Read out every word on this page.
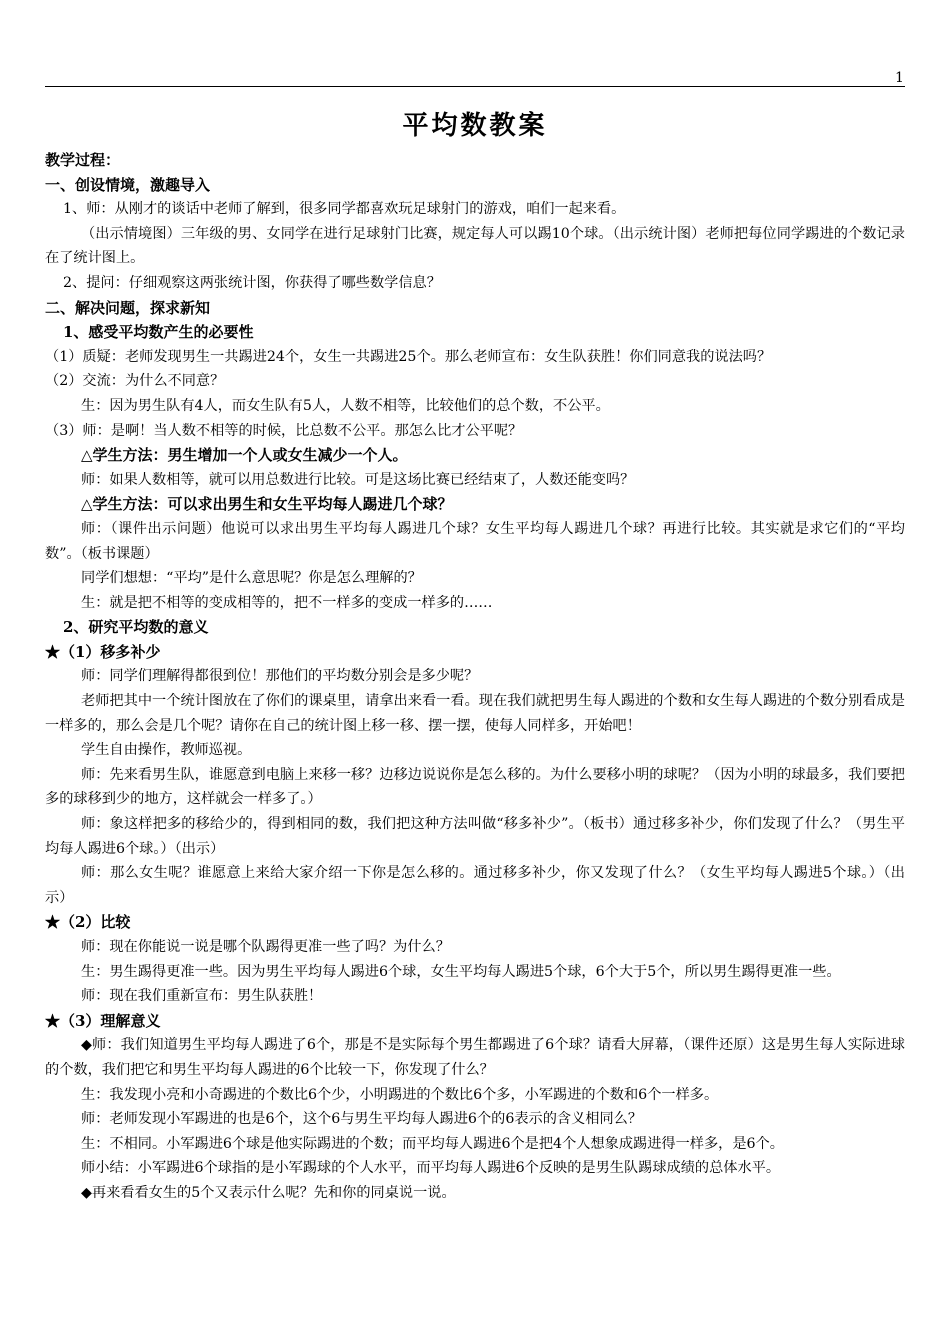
1
平均数教案

教学过程：

一、创设情境，激趣导入

1、师：从刚才的谈话中老师了解到，很多同学都喜欢玩足球射门的游戏，咱们一起来看。

（出示情境图）三年级的男、女同学在进行足球射门比赛，规定每人可以踢10个球。（出示统计图）老师把每位同学踢进的个数记录在了统计图上。

2、提问：仔细观察这两张统计图，你获得了哪些数学信息？

二、解决问题，探求新知

1、感受平均数产生的必要性

（1）质疑：老师发现男生一共踢进24个，女生一共踢进25个。那么老师宣布：女生队获胜！你们同意我的说法吗？

（2）交流：为什么不同意？

生：因为男生队有4人，而女生队有5人，人数不相等，比较他们的总个数，不公平。

（3）师：是啊！当人数不相等的时候，比总数不公平。那怎么比才公平呢？

△学生方法：男生增加一个人或女生减少一个人。

师：如果人数相等，就可以用总数进行比较。可是这场比赛已经结束了，人数还能变吗？

△学生方法：可以求出男生和女生平均每人踢进几个球？

师：（课件出示问题）他说可以求出男生平均每人踢进几个球？女生平均每人踢进几个球？再进行比较。其实就是求它们的“平均数”。（板书课题）

同学们想想：“平均”是什么意思呢？你是怎么理解的？

生：就是把不相等的变成相等的，把不一样多的变成一样多的……

2、研究平均数的意义

★（1）移多补少

师：同学们理解得都很到位！那他们的平均数分别会是多少呢？

老师把其中一个统计图放在了你们的课桌里，请拿出来看一看。现在我们就把男生每人踢进的个数和女生每人踢进的个数分别看成是一样多的，那么会是几个呢？请你在自己的统计图上移一移、摆一摆，使每人同样多，开始吧！

学生自由操作，教师巡视。

师：先来看男生队，谁愿意到电脑上来移一移？边移边说说你是怎么移的。为什么要移小明的球呢？（因为小明的球最多，我们要把多的球移到少的地方，这样就会一样多了。）

师：象这样把多的移给少的，得到相同的数，我们把这种方法叫做“移多补少”。（板书）通过移多补少，你们发现了什么？（男生平均每人踢进6个球。）（出示）

师：那么女生呢？谁愿意上来给大家介绍一下你是怎么移的。通过移多补少，你又发现了什么？（女生平均每人踢进5个球。）（出示）

★（2）比较

师：现在你能说一说是哪个队踢得更准一些了吗？为什么？

生：男生踢得更准一些。因为男生平均每人踢进6个球，女生平均每人踢进5个球，6个大于5个，所以男生踢得更准一些。

师：现在我们重新宣布：男生队获胜！

★（3）理解意义

◆师：我们知道男生平均每人踢进了6个，那是不是实际每个男生都踢进了6个球？请看大屏幕，（课件还原）这是男生每人实际进球的个数，我们把它和男生平均每人踢进的6个比较一下，你发现了什么？

生：我发现小亮和小奇踢进的个数比6个少，小明踢进的个数比6个多，小军踢进的个数和6个一样多。

师：老师发现小军踢进的也是6个，这个6与男生平均每人踢进6个的6表示的含义相同么？

生：不相同。小军踢进6个球是他实际踢进的个数；而平均每人踢进6个是把4个人想象成踢进得一样多，是6个。

师小结：小军踢进6个球指的是小军踢球的个人水平，而平均每人踢进6个反映的是男生队踢球成绩的总体水平。

◆再来看看女生的5个又表示什么呢？先和你的同桌说一说。
